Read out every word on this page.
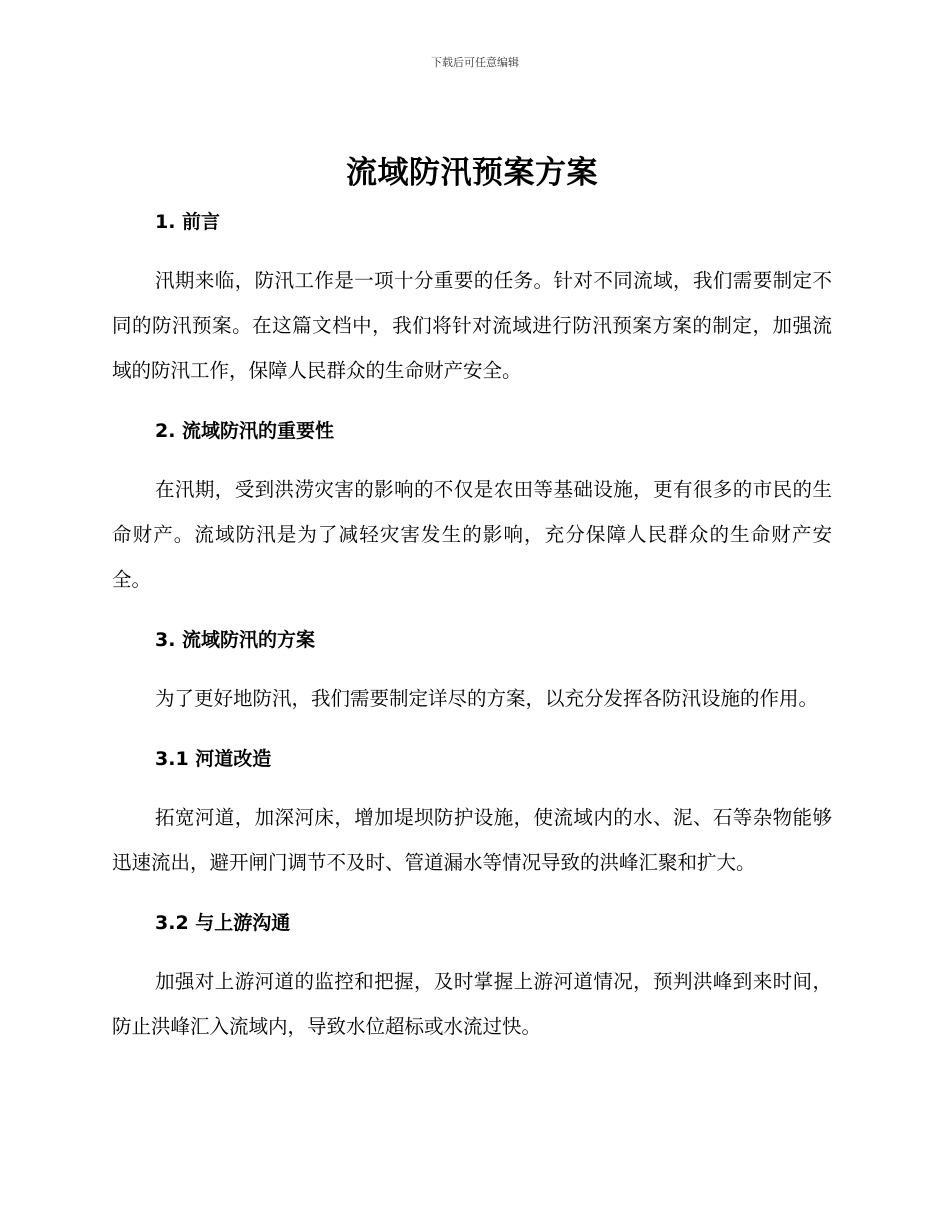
下载后可任意编辑
流域防汛预案方案
1. 前言

汛期来临，防汛工作是一项十分重要的任务。针对不同流域，我们需要制定不同的防汛预案。在这篇文档中，我们将针对流域进行防汛预案方案的制定，加强流域的防汛工作，保障人民群众的生命财产安全。

2. 流域防汛的重要性

在汛期，受到洪涝灾害的影响的不仅是农田等基础设施，更有很多的市民的生命财产。流域防汛是为了减轻灾害发生的影响，充分保障人民群众的生命财产安全。

3. 流域防汛的方案

为了更好地防汛，我们需要制定详尽的方案，以充分发挥各防汛设施的作用。

3.1 河道改造

拓宽河道，加深河床，增加堤坝防护设施，使流域内的水、泥、石等杂物能够迅速流出，避开闸门调节不及时、管道漏水等情况导致的洪峰汇聚和扩大。

3.2 与上游沟通

加强对上游河道的监控和把握，及时掌握上游河道情况，预判洪峰到来时间，防止洪峰汇入流域内，导致水位超标或水流过快。
